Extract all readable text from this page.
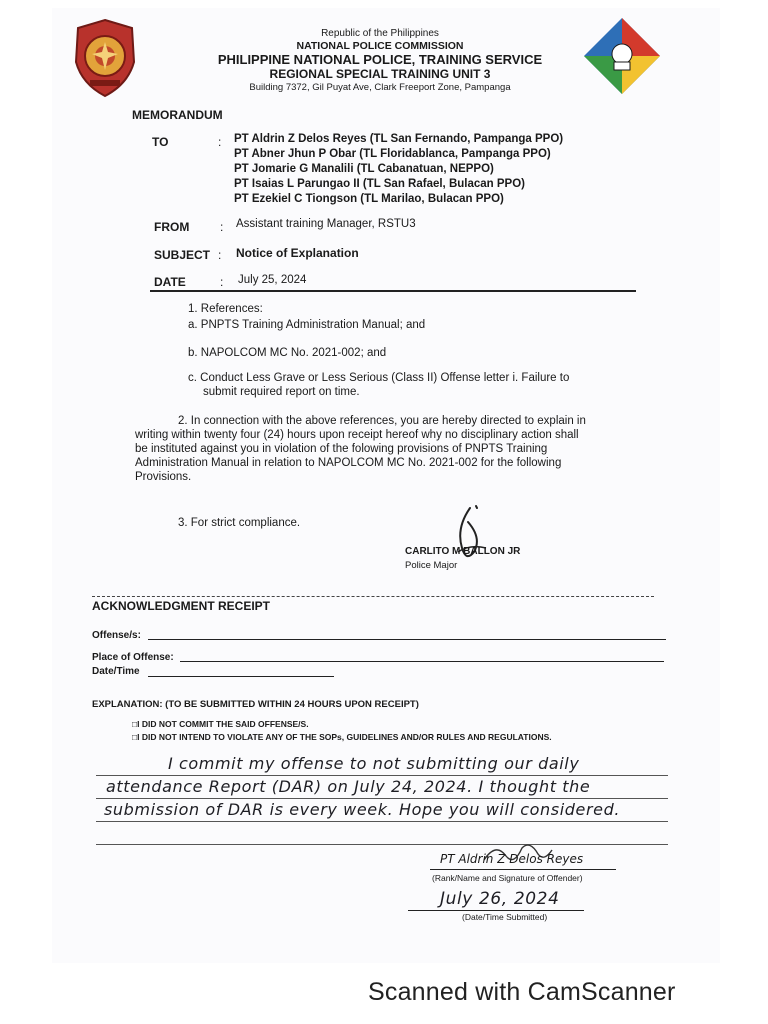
Republic of the Philippines
NATIONAL POLICE COMMISSION
PHILIPPINE NATIONAL POLICE, TRAINING SERVICE
REGIONAL SPECIAL TRAINING UNIT 3
Building 7372, Gil Puyat Ave, Clark Freeport Zone, Pampanga
MEMORANDUM
TO	: PT Aldrin Z Delos Reyes (TL San Fernando, Pampanga PPO)
PT Abner Jhun P Obar (TL Floridablanca, Pampanga PPO)
PT Jomarie G Manalili (TL Cabanatuan, NEPPO)
PT Isaias L Parungao II (TL San Rafael, Bulacan PPO)
PT Ezekiel C Tiongson (TL Marilao, Bulacan PPO)
FROM	: Assistant training Manager, RSTU3
SUBJECT : Notice of Explanation
DATE	: July 25, 2024
1. References:
a. PNPTS Training Administration Manual; and
b. NAPOLCOM MC No. 2021-002; and
c. Conduct Less Grave or Less Serious (Class II) Offense letter i. Failure to
submit required report on time.
2. In connection with the above references, you are hereby directed to explain in
writing within twenty four (24) hours upon receipt hereof why no disciplinary action shall
be instituted against you in violation of the folowing provisions of PNPTS Training
Administration Manual in relation to NAPOLCOM MC No. 2021-002 for the following
Provisions.
3. For strict compliance.
CARLITO M BALLON JR
Police Major
ACKNOWLEDGMENT RECEIPT
Offense/s:
Place of Offense:
Date/Time
EXPLANATION: (TO BE SUBMITTED WITHIN 24 HOURS UPON RECEIPT)
□I DID NOT COMMIT THE SAID OFFENSE/S.
□I DID NOT INTEND TO VIOLATE ANY OF THE SOPs, GUIDELINES AND/OR RULES AND REGULATIONS.
I commit my offense to not submitting our daily
attendance Report (DAR) on July 24, 2024. I thought the
submission of DAR is every week. Hope you will considered.
PT Aldrin Z Delos Reyes
(Rank/Name and Signature of Offender)
July 26, 2024
(Date/Time Submitted)
Scanned with CamScanner
